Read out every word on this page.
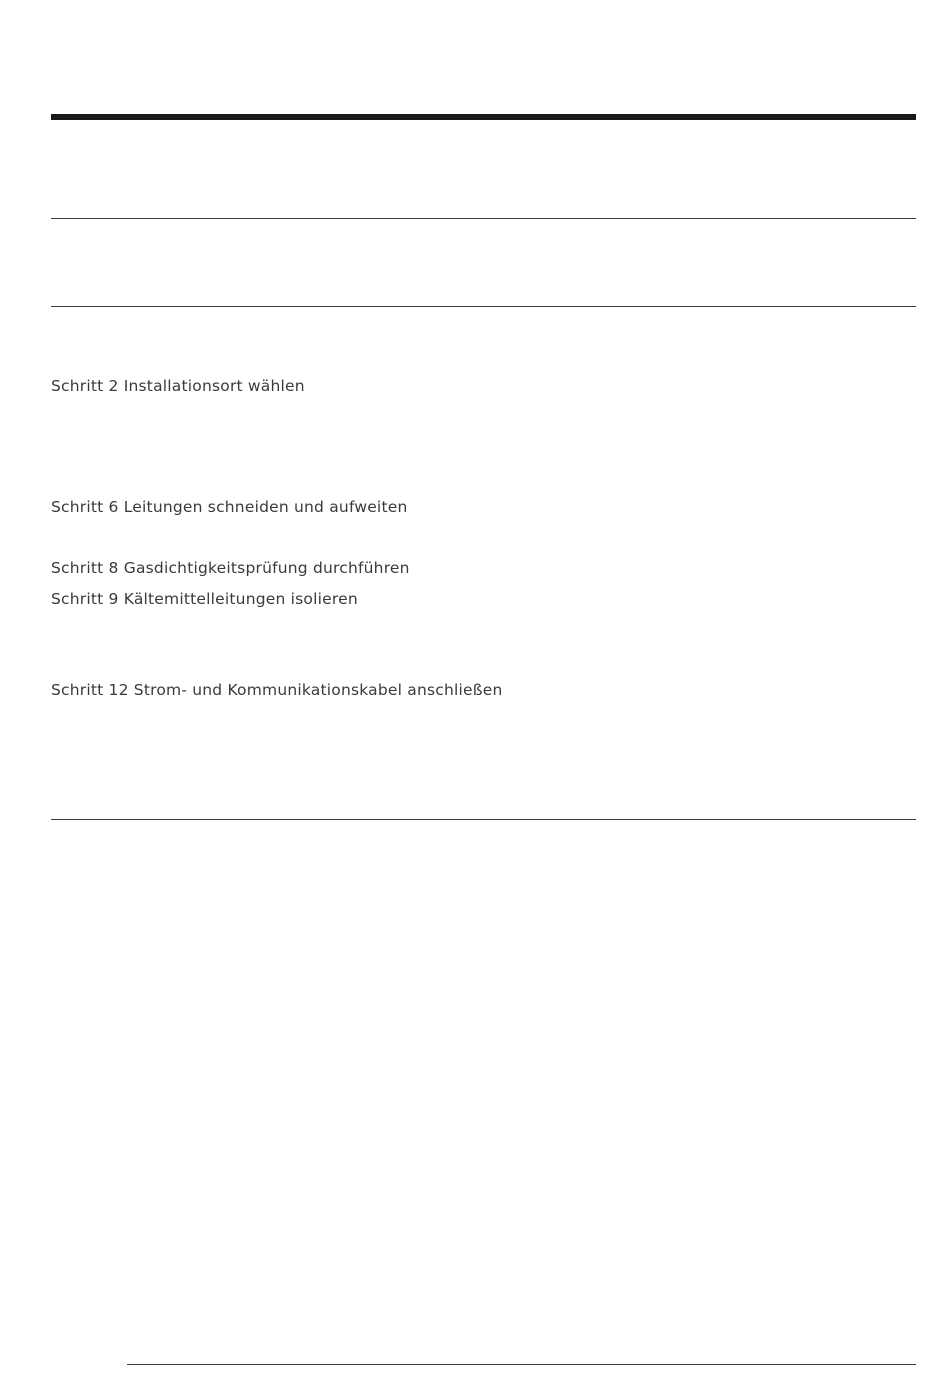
Schritt 2 Installationsort wählen
Schritt 6 Leitungen schneiden und aufweiten
Schritt 8 Gasdichtigkeitsprüfung durchführen
Schritt 9 Kältemittelleitungen isolieren
Schritt 12 Strom- und Kommunikationskabel anschließen
